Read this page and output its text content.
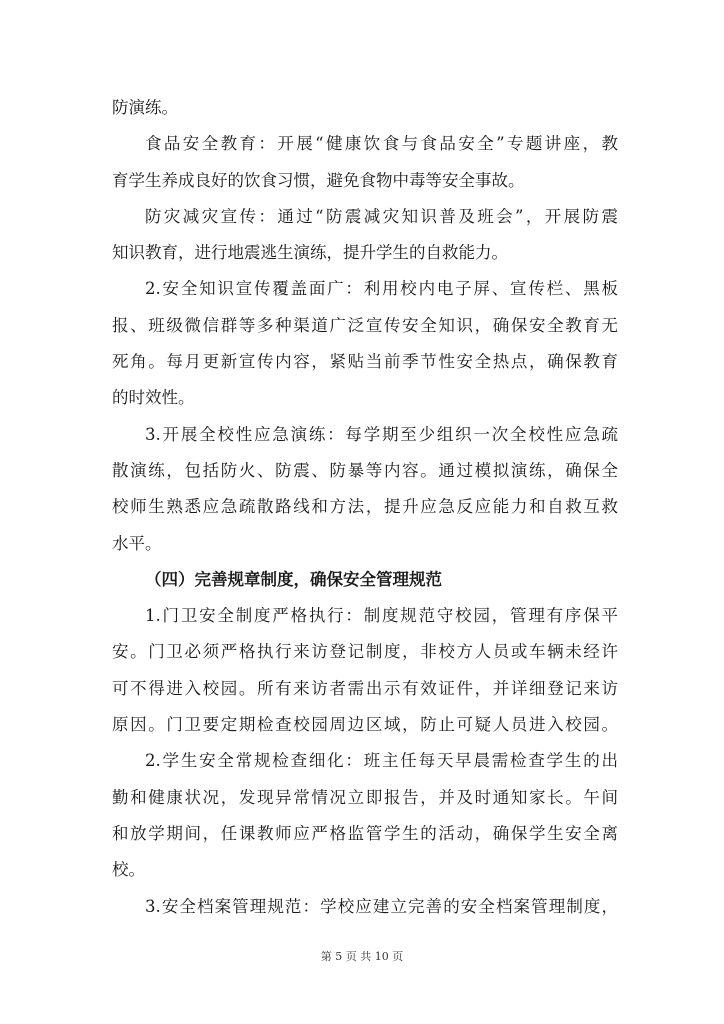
防演练。
食品安全教育：开展“健康饮食与食品安全”专题讲座，教
育学生养成良好的饮食习惯，避免食物中毒等安全事故。
防灾减灾宣传：通过“防震减灾知识普及班会”，开展防震
知识教育，进行地震逃生演练，提升学生的自救能力。
2.安全知识宣传覆盖面广：利用校内电子屏、宣传栏、黑板
报、班级微信群等多种渠道广泛宣传安全知识，确保安全教育无
死角。每月更新宣传内容，紧贴当前季节性安全热点，确保教育
的时效性。
3.开展全校性应急演练：每学期至少组织一次全校性应急疏
散演练，包括防火、防震、防暴等内容。通过模拟演练，确保全
校师生熟悉应急疏散路线和方法，提升应急反应能力和自救互救
水平。
（四）完善规章制度，确保安全管理规范
1.门卫安全制度严格执行：制度规范守校园，管理有序保平
安。门卫必须严格执行来访登记制度，非校方人员或车辆未经许
可不得进入校园。所有来访者需出示有效证件，并详细登记来访
原因。门卫要定期检查校园周边区域，防止可疑人员进入校园。
2.学生安全常规检查细化：班主任每天早晨需检查学生的出
勤和健康状况，发现异常情况立即报告，并及时通知家长。午间
和放学期间，任课教师应严格监管学生的活动，确保学生安全离
校。
3.安全档案管理规范：学校应建立完善的安全档案管理制度，
第 5 页 共 10 页
